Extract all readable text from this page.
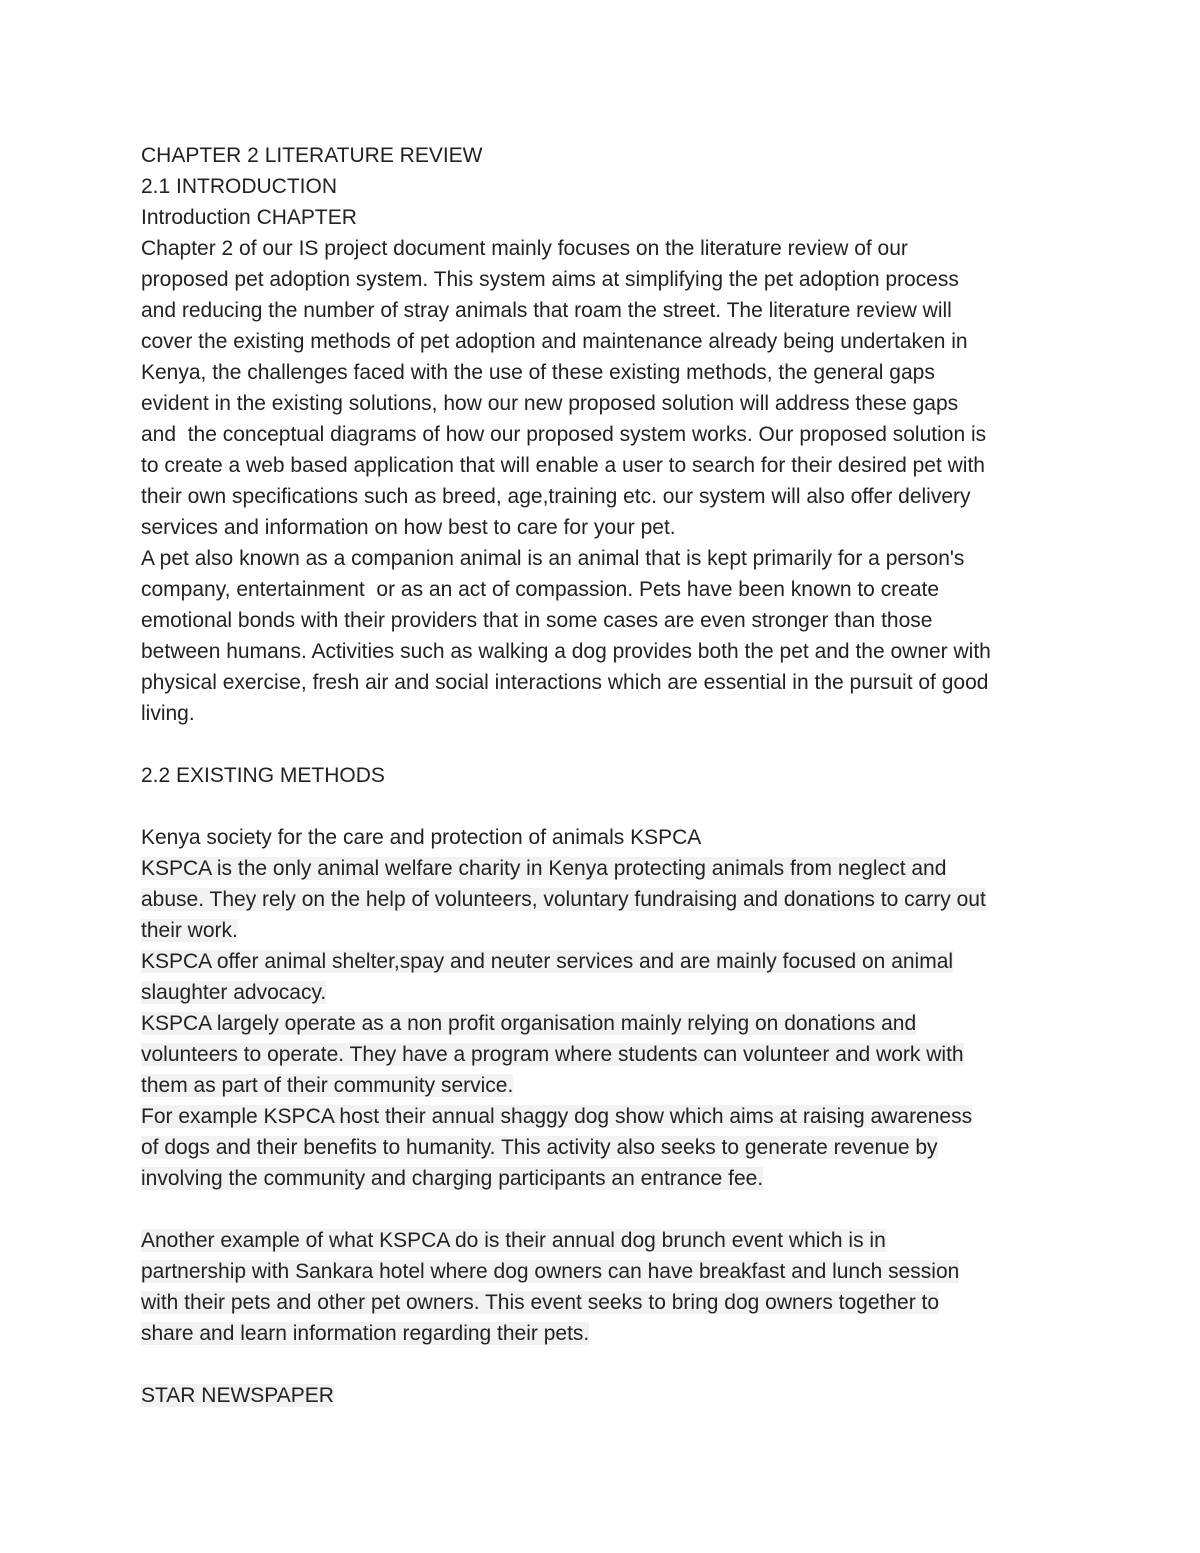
CHAPTER 2 LITERATURE REVIEW
2.1 INTRODUCTION
Introduction CHAPTER
Chapter 2 of our IS project document mainly focuses on the literature review of our
proposed pet adoption system. This system aims at simplifying the pet adoption process
and reducing the number of stray animals that roam the street. The literature review will
cover the existing methods of pet adoption and maintenance already being undertaken in
Kenya, the challenges faced with the use of these existing methods, the general gaps
evident in the existing solutions, how our new proposed solution will address these gaps
and  the conceptual diagrams of how our proposed system works. Our proposed solution is
to create a web based application that will enable a user to search for their desired pet with
their own specifications such as breed, age,training etc. our system will also offer delivery
services and information on how best to care for your pet.
A pet also known as a companion animal is an animal that is kept primarily for a person's
company, entertainment  or as an act of compassion. Pets have been known to create
emotional bonds with their providers that in some cases are even stronger than those
between humans. Activities such as walking a dog provides both the pet and the owner with
physical exercise, fresh air and social interactions which are essential in the pursuit of good
living.
2.2 EXISTING METHODS
Kenya society for the care and protection of animals KSPCA
KSPCA is the only animal welfare charity in Kenya protecting animals from neglect and
abuse. They rely on the help of volunteers, voluntary fundraising and donations to carry out
their work.
KSPCA offer animal shelter,spay and neuter services and are mainly focused on animal
slaughter advocacy.
KSPCA largely operate as a non profit organisation mainly relying on donations and
volunteers to operate. They have a program where students can volunteer and work with
them as part of their community service.
For example KSPCA host their annual shaggy dog show which aims at raising awareness
of dogs and their benefits to humanity. This activity also seeks to generate revenue by
involving the community and charging participants an entrance fee.
Another example of what KSPCA do is their annual dog brunch event which is in
partnership with Sankara hotel where dog owners can have breakfast and lunch session
with their pets and other pet owners. This event seeks to bring dog owners together to
share and learn information regarding their pets.
STAR NEWSPAPER
